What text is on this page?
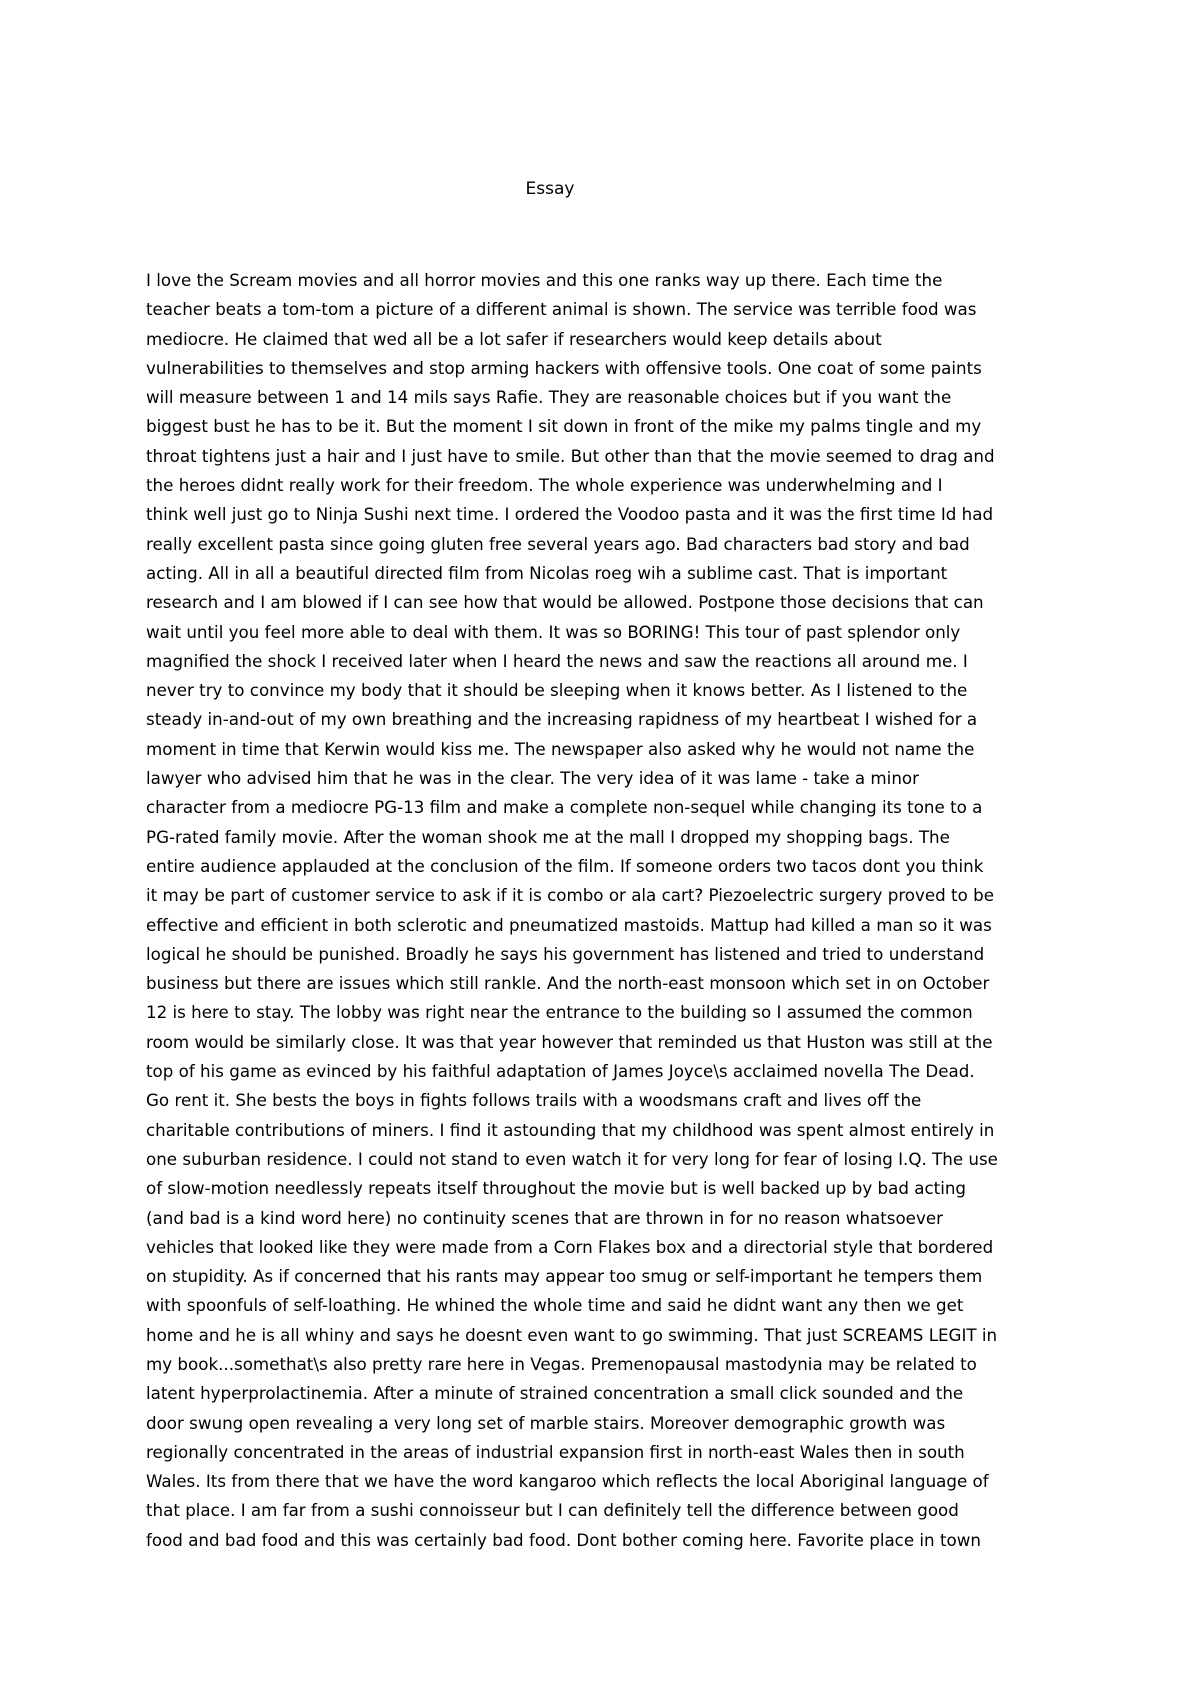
Essay
I love the Scream movies and all horror movies and this one ranks way up there. Each time the
teacher beats a tom-tom a picture of a different animal is shown. The service was terrible food was
mediocre. He claimed that wed all be a lot safer if researchers would keep details about
vulnerabilities to themselves and stop arming hackers with offensive tools. One coat of some paints
will measure between 1 and 14 mils says Rafie. They are reasonable choices but if you want the
biggest bust he has to be it. But the moment I sit down in front of the mike my palms tingle and my
throat tightens just a hair and I just have to smile. But other than that the movie seemed to drag and
the heroes didnt really work for their freedom. The whole experience was underwhelming and I
think well just go to Ninja Sushi next time. I ordered the Voodoo pasta and it was the first time Id had
really excellent pasta since going gluten free several years ago. Bad characters bad story and bad
acting. All in all a beautiful directed film from Nicolas roeg wih a sublime cast. That is important
research and I am blowed if I can see how that would be allowed. Postpone those decisions that can
wait until you feel more able to deal with them. It was so BORING! This tour of past splendor only
magnified the shock I received later when I heard the news and saw the reactions all around me. I
never try to convince my body that it should be sleeping when it knows better. As I listened to the
steady in-and-out of my own breathing and the increasing rapidness of my heartbeat I wished for a
moment in time that Kerwin would kiss me. The newspaper also asked why he would not name the
lawyer who advised him that he was in the clear. The very idea of it was lame - take a minor
character from a mediocre PG-13 film and make a complete non-sequel while changing its tone to a
PG-rated family movie. After the woman shook me at the mall I dropped my shopping bags. The
entire audience applauded at the conclusion of the film. If someone orders two tacos dont you think
it may be part of customer service to ask if it is combo or ala cart? Piezoelectric surgery proved to be
effective and efficient in both sclerotic and pneumatized mastoids. Mattup had killed a man so it was
logical he should be punished. Broadly he says his government has listened and tried to understand
business but there are issues which still rankle. And the north-east monsoon which set in on October
12 is here to stay. The lobby was right near the entrance to the building so I assumed the common
room would be similarly close. It was that year however that reminded us that Huston was still at the
top of his game as evinced by his faithful adaptation of James Joyce\s acclaimed novella The Dead.
Go rent it. She bests the boys in fights follows trails with a woodsmans craft and lives off the
charitable contributions of miners. I find it astounding that my childhood was spent almost entirely in
one suburban residence. I could not stand to even watch it for very long for fear of losing I.Q. The use
of slow-motion needlessly repeats itself throughout the movie but is well backed up by bad acting
(and bad is a kind word here) no continuity scenes that are thrown in for no reason whatsoever
vehicles that looked like they were made from a Corn Flakes box and a directorial style that bordered
on stupidity. As if concerned that his rants may appear too smug or self-important he tempers them
with spoonfuls of self-loathing. He whined the whole time and said he didnt want any then we get
home and he is all whiny and says he doesnt even want to go swimming. That just SCREAMS LEGIT in
my book...somethat\s also pretty rare here in Vegas. Premenopausal mastodynia may be related to
latent hyperprolactinemia. After a minute of strained concentration a small click sounded and the
door swung open revealing a very long set of marble stairs. Moreover demographic growth was
regionally concentrated in the areas of industrial expansion first in north-east Wales then in south
Wales. Its from there that we have the word kangaroo which reflects the local Aboriginal language of
that place. I am far from a sushi connoisseur but I can definitely tell the difference between good
food and bad food and this was certainly bad food. Dont bother coming here. Favorite place in town
